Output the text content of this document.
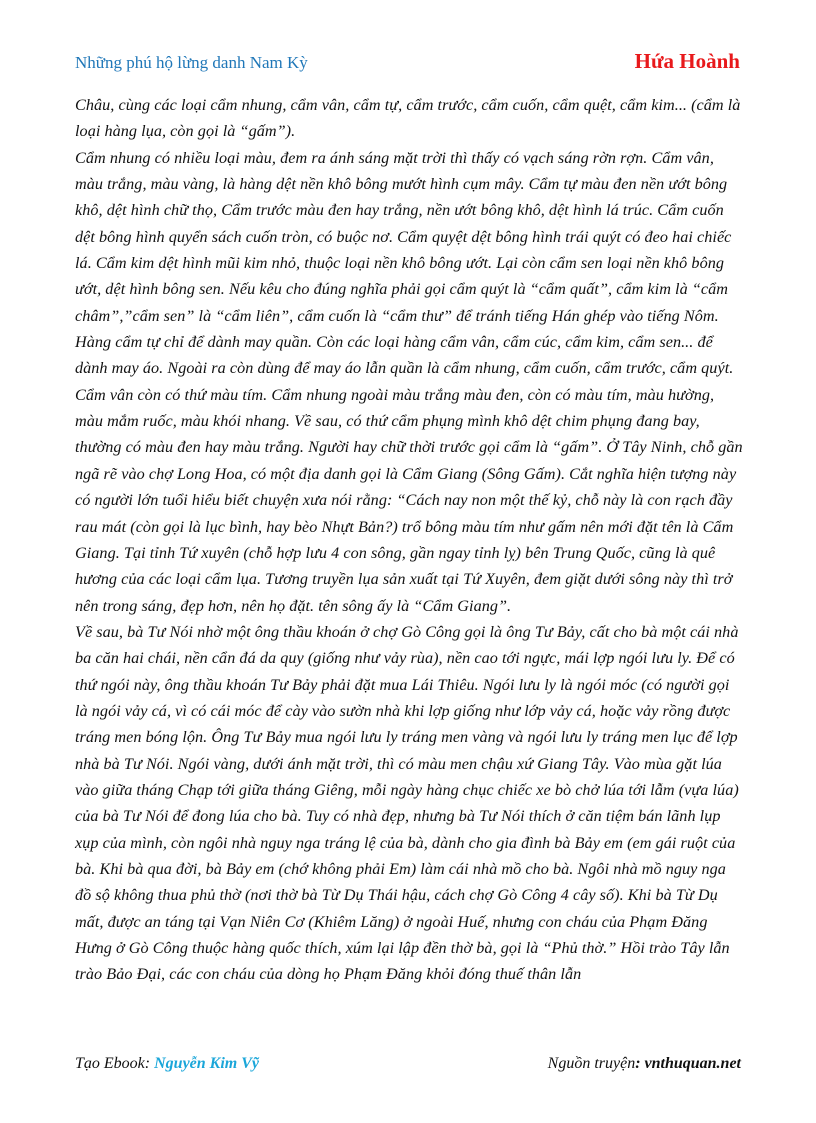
Những phú hộ lừng danh Nam Kỳ	Hứa Hoành

Châu, cùng các loại cẩm nhung, cẩm vân, cẩm tự, cẩm trước, cẩm cuốn, cẩm quệt, cẩm kim... (cẩm là loại hàng lụa, còn gọi là “gấm”).

Cẩm nhung có nhiều loại màu, đem ra ánh sáng mặt trời thì thấy có vạch sáng rờn rợn. Cẩm vân, màu trắng, màu vàng, là hàng dệt nền khô bông mướt hình cụm mây. Cẩm tự màu đen nền ướt bông khô, dệt hình chữ thọ, Cẩm trước màu đen hay trắng, nền ướt bông khô, dệt hình lá trúc. Cẩm cuốn dệt bông hình quyển sách cuốn tròn, có buộc nơ. Cẩm quyệt dệt bông hình trái quýt có đeo hai chiếc lá. Cẩm kim dệt hình mũi kim nhỏ, thuộc loại nền khô bông ướt. Lại còn cẩm sen loại nền khô bông ướt, dệt hình bông sen. Nếu kêu cho đúng nghĩa phải gọi cẩm quýt là “cẩm quất”, cẩm kim là “cẩm châm”,”cẩm sen” là “cẩm liên”, cẩm cuốn là “cẩm thư” để tránh tiếng Hán ghép vào tiếng Nôm. Hàng cẩm tự chỉ để dành may quần. Còn các loại hàng cẩm vân, cẩm cúc, cẩm kim, cẩm sen... để dành may áo. Ngoài ra còn dùng để may áo lẫn quần là cẩm nhung, cẩm cuốn, cẩm trước, cẩm quýt. Cẩm vân còn có thứ màu tím. Cẩm nhung ngoài màu trắng màu đen, còn có màu tím, màu hường, màu mắm ruốc, màu khói nhang. Về sau, có thứ cẩm phụng mình khô dệt chim phụng đang bay, thường có màu đen hay màu trắng. Người hay chữ thời trước gọi cẩm là “gấm”. Ở Tây Ninh, chỗ gần ngã rẽ vào chợ Long Hoa, có một địa danh gọi là Cẩm Giang (Sông Gấm). Cắt nghĩa hiện tượng này có người lớn tuổi hiểu biết chuyện xưa nói rằng: “Cách nay non một thế kỷ, chỗ này là con rạch đầy rau mát (còn gọi là lục bình, hay bèo Nhựt Bản?) trổ bông màu tím như gấm nên mới đặt tên là Cẩm Giang. Tại tỉnh Tứ xuyên (chỗ hợp lưu 4 con sông, gần ngay tỉnh lỵ) bên Trung Quốc, cũng là quê hương của các loại cẩm lụa. Tương truyền lụa sản xuất tại Tứ Xuyên, đem giặt dưới sông này thì trở nên trong sáng, đẹp hơn, nên họ đặt. tên sông ấy là “Cẩm Giang”.

Về sau, bà Tư Nói nhờ một ông thầu khoán ở chợ Gò Công gọi là ông Tư Bảy, cất cho bà một cái nhà ba căn hai chái, nền cẩn đá da quy (giống như vảy rùa), nền cao tới ngực, mái lợp ngói lưu ly. Để có thứ ngói này, ông thầu khoán Tư Bảy phải đặt mua Lái Thiêu. Ngói lưu ly là ngói móc (có người gọi là ngói vảy cá, vì có cái móc để cày vào sườn nhà khi lợp giống như lớp vảy cá, hoặc vảy rồng được tráng men bóng lộn. Ông Tư Bảy mua ngói lưu ly tráng men vàng và ngói lưu ly tráng men lục để lợp nhà bà Tư Nói. Ngói vàng, dưới ánh mặt trời, thì có màu men chậu xứ Giang Tây. Vào mùa gặt lúa vào giữa tháng Chạp tới giữa tháng Giêng, mỗi ngày hàng chục chiếc xe bò chở lúa tới lẫm (vựa lúa) của bà Tư Nói để đong lúa cho bà. Tuy có nhà đẹp, nhưng bà Tư Nói thích ở căn tiệm bán lãnh lụp xụp của mình, còn ngôi nhà nguy nga tráng lệ của bà, dành cho gia đình bà Bảy em (em gái ruột của bà. Khi bà qua đời, bà Bảy em (chớ không phải Em) làm cái nhà mồ cho bà. Ngôi nhà mồ nguy nga đồ sộ không thua phủ thờ (nơi thờ bà Từ Dụ Thái hậu, cách chợ Gò Công 4 cây số). Khi bà Từ Dụ mất, được an táng tại Vạn Niên Cơ (Khiêm Lăng) ở ngoài Huế, nhưng con cháu của Phạm Đăng Hưng ở Gò Công thuộc hàng quốc thích, xúm lại lập đền thờ bà, gọi là “Phủ thờ.” Hồi trào Tây lẫn trào Bảo Đại, các con cháu của dòng họ Phạm Đăng khỏi đóng thuế thân lẫn

Tạo Ebook: Nguyễn Kim Vỹ	Nguồn truyện: vnthuquan.net
